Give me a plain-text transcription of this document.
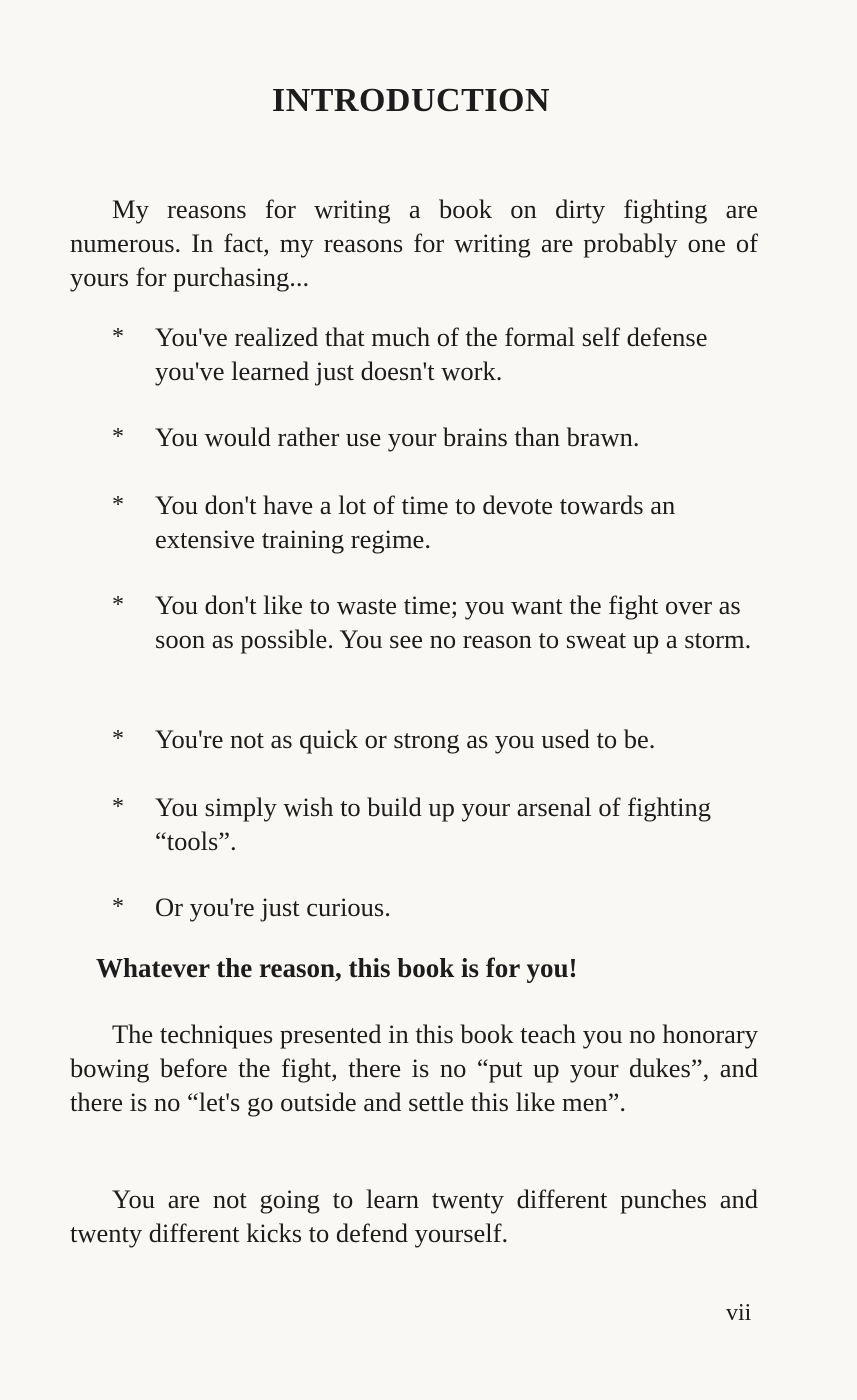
INTRODUCTION

My reasons for writing a book on dirty fighting are numerous. In fact, my reasons for writing are probably one of yours for purchasing...

*	You've realized that much of the formal self defense you've learned just doesn't work.
*	You would rather use your brains than brawn.
*	You don't have a lot of time to devote towards an extensive training regime.
*	You don't like to waste time; you want the fight over as soon as possible. You see no reason to sweat up a storm.
*	You're not as quick or strong as you used to be.
*	You simply wish to build up your arsenal of fighting “tools”.
*	Or you're just curious.

Whatever the reason, this book is for you!

The techniques presented in this book teach you no honorary bowing before the fight, there is no “put up your dukes”, and there is no “let's go outside and settle this like men”.

You are not going to learn twenty different punches and twenty different kicks to defend yourself.

vii
